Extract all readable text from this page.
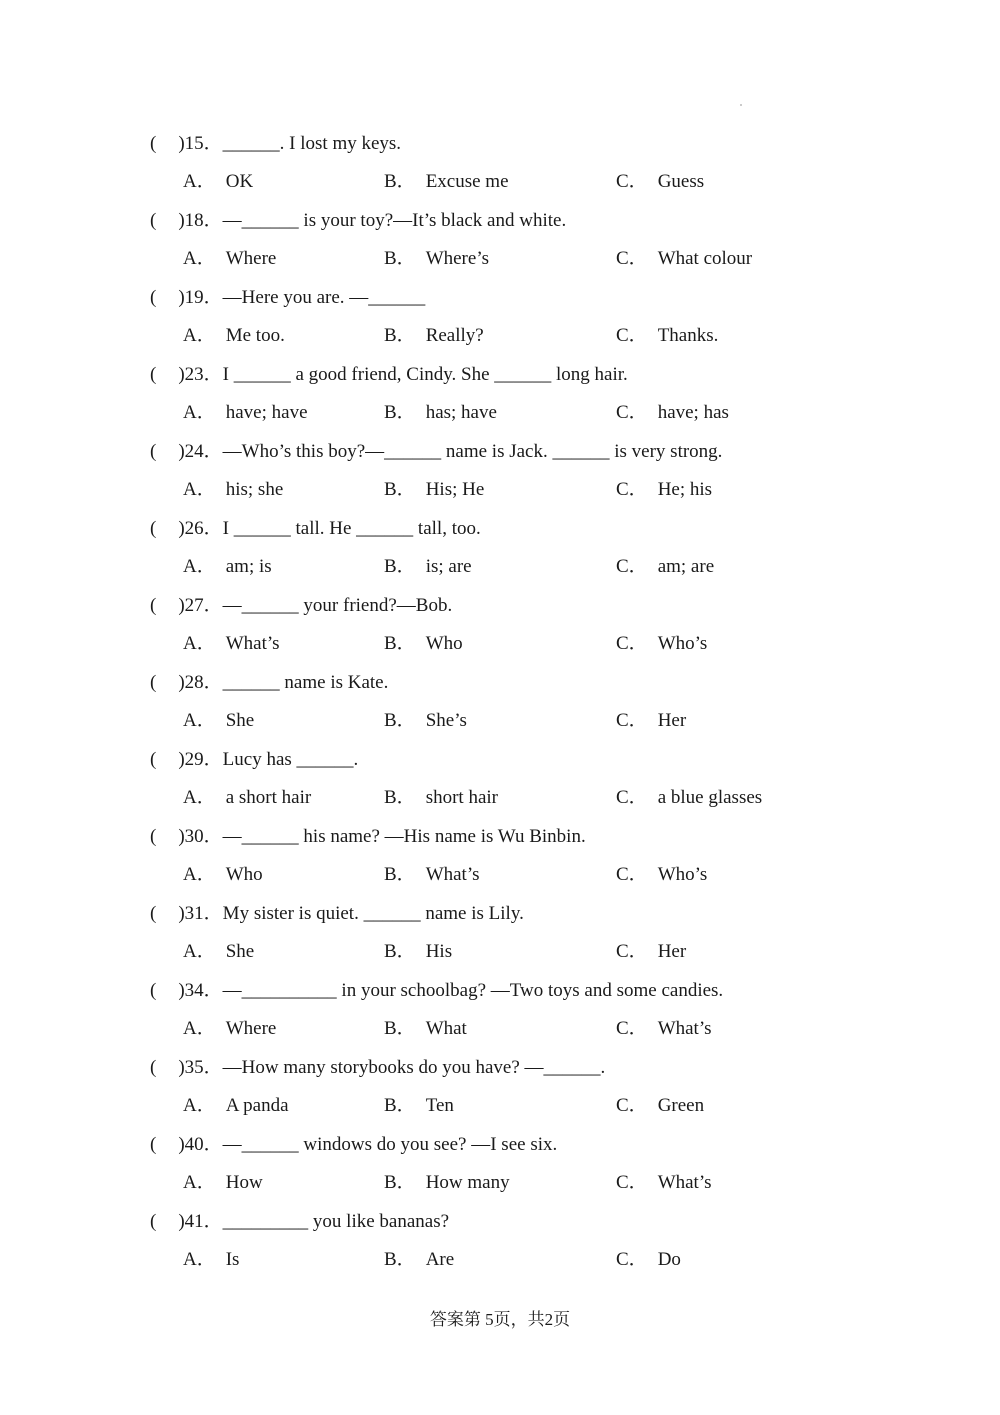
( )15．______. I lost my keys.
A． OK	B． Excuse me	C． Guess
( )18．—______ is your toy?—It’s black and white.
A． Where	B． Where’s	C． What colour
( )19．—Here you are. —______
A． Me too.	B． Really?	C． Thanks.
( )23．I ______ a good friend, Cindy. She ______ long hair.
A． have; have	B． has; have	C． have; has
( )24．—Who’s this boy?—______ name is Jack. ______ is very strong.
A． his; she	B． His; He	C． He; his
( )26．I ______ tall. He ______ tall, too.
A． am; is	B． is; are	C． am; are
( )27．—______ your friend?—Bob.
A． What’s	B． Who	C． Who’s
( )28．______ name is Kate.
A． She	B． She’s	C． Her
( )29．Lucy has ______.
A． a short hair	B． short hair	C． a blue glasses
( )30．—______ his name? —His name is Wu Binbin.
A． Who	B． What’s	C． Who’s
( )31．My sister is quiet. ______ name is Lily.
A． She	B． His	C． Her
( )34．—__________ in your schoolbag? —Two toys and some candies.
A． Where	B． What	C． What’s
( )35．—How many storybooks do you have? —______.
A． A panda	B． Ten	C． Green
( )40．—______ windows do you see? —I see six.
A． How	B． How many	C． What’s
( )41．_________ you like bananas?
A． Is	B． Are	C． Do
答案第 5页，共2页
